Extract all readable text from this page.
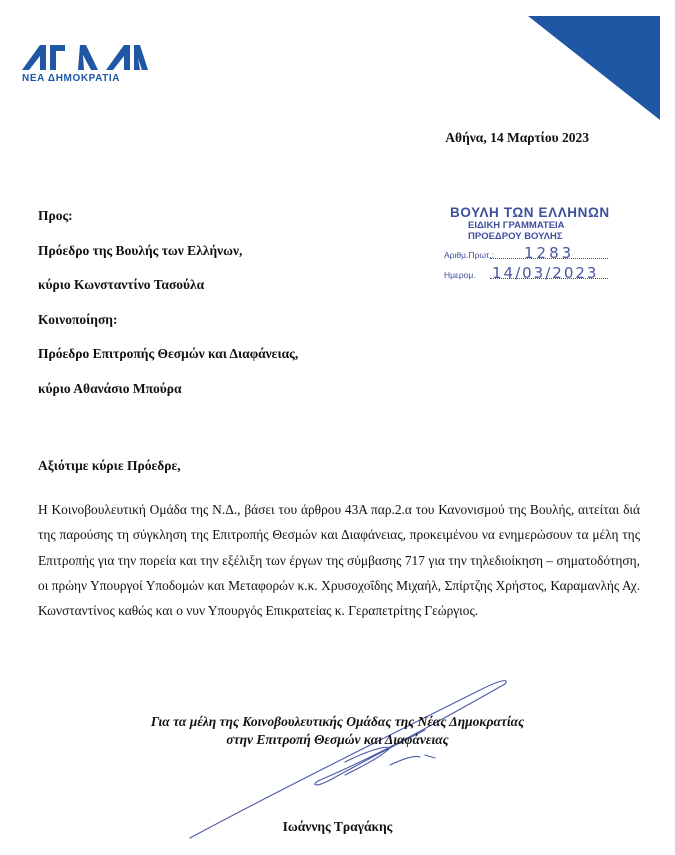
ΝΕΑ ΔΗΜΟΚΡΑΤΙΑ
Αθήνα, 14 Μαρτίου 2023
ΒΟΥΛΗ ΤΩΝ ΕΛΛΗΝΩΝ
ΕΙΔΙΚΗ ΓΡΑΜΜΑΤΕΙΑ
ΠΡΟΕΔΡΟΥ ΒΟΥΛΗΣ
Αριθμ.Πρωτ.: 1283
Ημερομ. 14/03/2023
Προς:
Πρόεδρο της Βουλής των Ελλήνων,
κύριο Κωνσταντίνο Τασούλα
Κοινοποίηση:
Πρόεδρο Επιτροπής Θεσμών και Διαφάνειας,
κύριο Αθανάσιο Μπούρα
Αξιότιμε κύριε Πρόεδρε,
Η Κοινοβουλευτική Ομάδα της Ν.Δ., βάσει του άρθρου 43Α παρ.2.α του Κανονισμού της Βουλής, αιτείται διά της παρούσης τη σύγκληση της Επιτροπής Θεσμών και Διαφάνειας, προκειμένου να ενημερώσουν τα μέλη της Επιτροπής για την πορεία και την εξέλιξη των έργων της σύμβασης 717 για την τηλεδιοίκηση – σηματοδότηση, οι πρώην Υπουργοί Υποδομών και Μεταφορών κ.κ. Χρυσοχοΐδης Μιχαήλ, Σπίρτζης Χρήστος, Καραμανλής Αχ. Κωνσταντίνος καθώς και ο νυν Υπουργός Επικρατείας κ. Γεραπετρίτης Γεώργιος.
Για τα μέλη της Κοινοβουλευτικής Ομάδας της Νέας Δημοκρατίας
στην Επιτροπή Θεσμών και Διαφάνειας
Ιωάννης Τραγάκης
